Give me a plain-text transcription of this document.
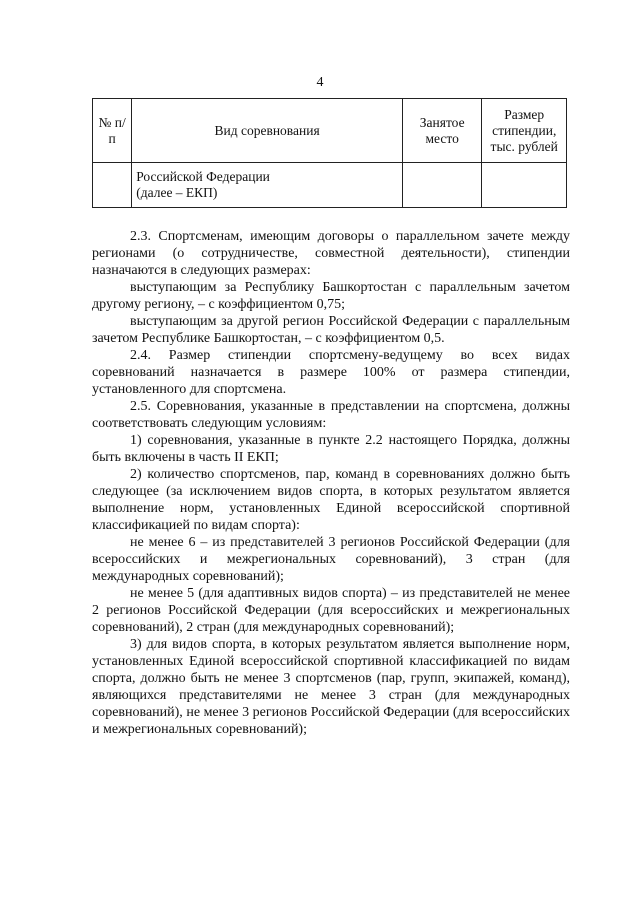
4
№ п/п	Вид соревнования	Занятое место	Размер стипендии, тыс. рублей

	Российской Федерации
(далее – ЕКП)		

2.3. Спортсменам, имеющим договоры о параллельном зачете между регионами (о сотрудничестве, совместной деятельности), стипендии назначаются в следующих размерах:

выступающим за Республику Башкортостан с параллельным зачетом другому региону, – с коэффициентом 0,75;

выступающим за другой регион Российской Федерации с параллельным зачетом Республике Башкортостан, – с коэффициентом 0,5.

2.4. Размер стипендии спортсмену-ведущему во всех видах соревнований назначается в размере 100% от размера стипендии, установленного для спортсмена.

2.5. Соревнования, указанные в представлении на спортсмена, должны соответствовать следующим условиям:

1) соревнования, указанные в пункте 2.2 настоящего Порядка, должны быть включены в часть II ЕКП;

2) количество спортсменов, пар, команд в соревнованиях должно быть следующее (за исключением видов спорта, в которых результатом является выполнение норм, установленных Единой всероссийской спортивной классификацией по видам спорта):

не менее 6 – из представителей 3 регионов Российской Федерации (для всероссийских и межрегиональных соревнований), 3 стран (для международных соревнований);

не менее 5 (для адаптивных видов спорта) – из представителей не менее 2 регионов Российской Федерации (для всероссийских и межрегиональных соревнований), 2 стран (для международных соревнований);

3) для видов спорта, в которых результатом является выполнение норм, установленных Единой всероссийской спортивной классификацией по видам спорта, должно быть не менее 3 спортсменов (пар, групп, экипажей, команд), являющихся представителями не менее 3 стран (для международных соревнований), не менее 3 регионов Российской Федерации (для всероссийских и межрегиональных соревнований);
